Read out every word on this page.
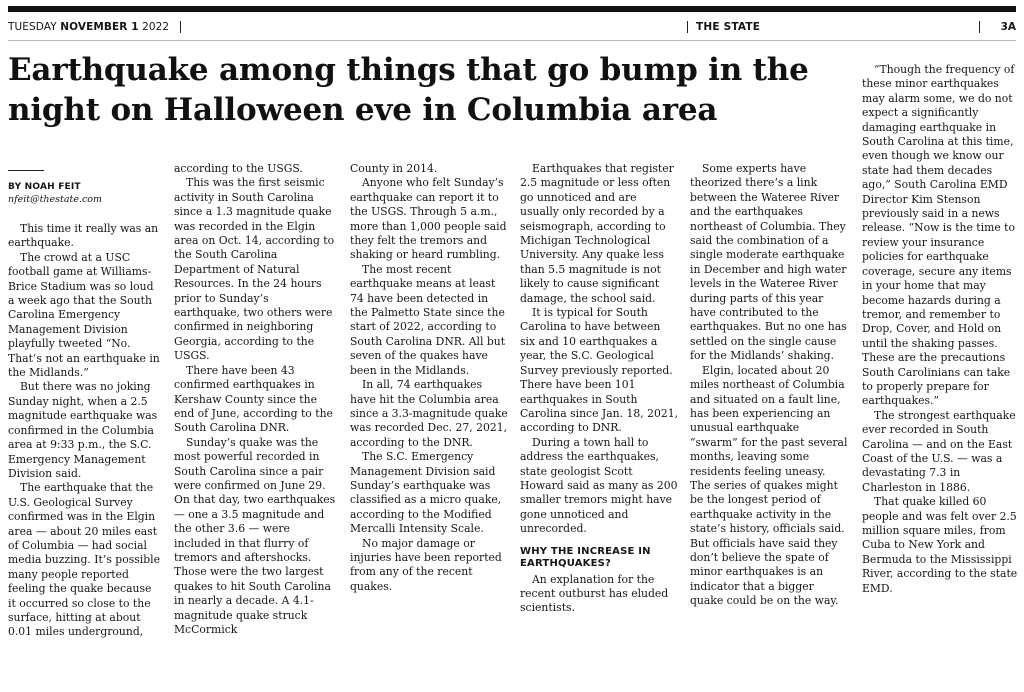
TUESDAY NOVEMBER 1 2022	THE STATE	3A
Earthquake among things that go bump in the night on Halloween eve in Columbia area
BY NOAH FEIT
nfeit@thestate.com

This time it really was an earthquake.

The crowd at a USC football game at Williams-Brice Stadium was so loud a week ago that the South Carolina Emergency Management Division playfully tweeted “No. That’s not an earthquake in the Midlands.”

But there was no joking Sunday night, when a 2.5 magnitude earthquake was confirmed in the Columbia area at 9:33 p.m., the S.C. Emergency Management Division said.

The earthquake that the U.S. Geological Survey confirmed was in the Elgin area — about 20 miles east of Columbia — had social media buzzing. It’s possible many people reported feeling the quake because it occurred so close to the surface, hitting at about 0.01 miles underground,

according to the USGS.

This was the first seismic activity in South Carolina since a 1.3 magnitude quake was recorded in the Elgin area on Oct. 14, according to the South Carolina Department of Natural Resources. In the 24 hours prior to Sunday’s earthquake, two others were confirmed in neighboring Georgia, according to the USGS.

There have been 43 confirmed earthquakes in Kershaw County since the end of June, according to the South Carolina DNR.

Sunday’s quake was the most powerful recorded in South Carolina since a pair were confirmed on June 29. On that day, two earthquakes — one a 3.5 magnitude and the other 3.6 — were included in that flurry of tremors and aftershocks. Those were the two largest quakes to hit South Carolina in nearly a decade. A 4.1-magnitude quake struck McCormick

County in 2014.

Anyone who felt Sunday’s earthquake can report it to the USGS. Through 5 a.m., more than 1,000 people said they felt the tremors and shaking or heard rumbling.

The most recent earthquake means at least 74 have been detected in the Palmetto State since the start of 2022, according to South Carolina DNR. All but seven of the quakes have been in the Midlands.

In all, 74 earthquakes have hit the Columbia area since a 3.3-magnitude quake was recorded Dec. 27, 2021, according to the DNR.

The S.C. Emergency Management Division said Sunday’s earthquake was classified as a micro quake, according to the Modified Mercalli Intensity Scale.

No major damage or injuries have been reported from any of the recent quakes.

Earthquakes that register 2.5 magnitude or less often go unnoticed and are usually only recorded by a seismograph, according to Michigan Technological University. Any quake less than 5.5 magnitude is not likely to cause significant damage, the school said.

It is typical for South Carolina to have between six and 10 earthquakes a year, the S.C. Geological Survey previously reported. There have been 101 earthquakes in South Carolina since Jan. 18, 2021, according to DNR.

During a town hall to address the earthquakes, state geologist Scott Howard said as many as 200 smaller tremors might have gone unnoticed and unrecorded.

WHY THE INCREASE IN EARTHQUAKES?

An explanation for the recent outburst has eluded scientists.

Some experts have theorized there’s a link between the Wateree River and the earthquakes northeast of Columbia. They said the combination of a single moderate earthquake in December and high water levels in the Wateree River during parts of this year have contributed to the earthquakes. But no one has settled on the single cause for the Midlands’ shaking.

Elgin, located about 20 miles northeast of Columbia and situated on a fault line, has been experiencing an unusual earthquake “swarm” for the past several months, leaving some residents feeling uneasy. The series of quakes might be the longest period of earthquake activity in the state’s history, officials said. But officials have said they don’t believe the spate of minor earthquakes is an indicator that a bigger quake could be on the way.

“Though the frequency of these minor earthquakes may alarm some, we do not expect a significantly damaging earthquake in South Carolina at this time, even though we know our state had them decades ago,” South Carolina EMD Director Kim Stenson previously said in a news release. “Now is the time to review your insurance policies for earthquake coverage, secure any items in your home that may become hazards during a tremor, and remember to Drop, Cover, and Hold on until the shaking passes. These are the precautions South Carolinians can take to properly prepare for earthquakes.”

The strongest earthquake ever recorded in South Carolina — and on the East Coast of the U.S. — was a devastating 7.3 in Charleston in 1886.

That quake killed 60 people and was felt over 2.5 million square miles, from Cuba to New York and Bermuda to the Mississippi River, according to the state EMD.
